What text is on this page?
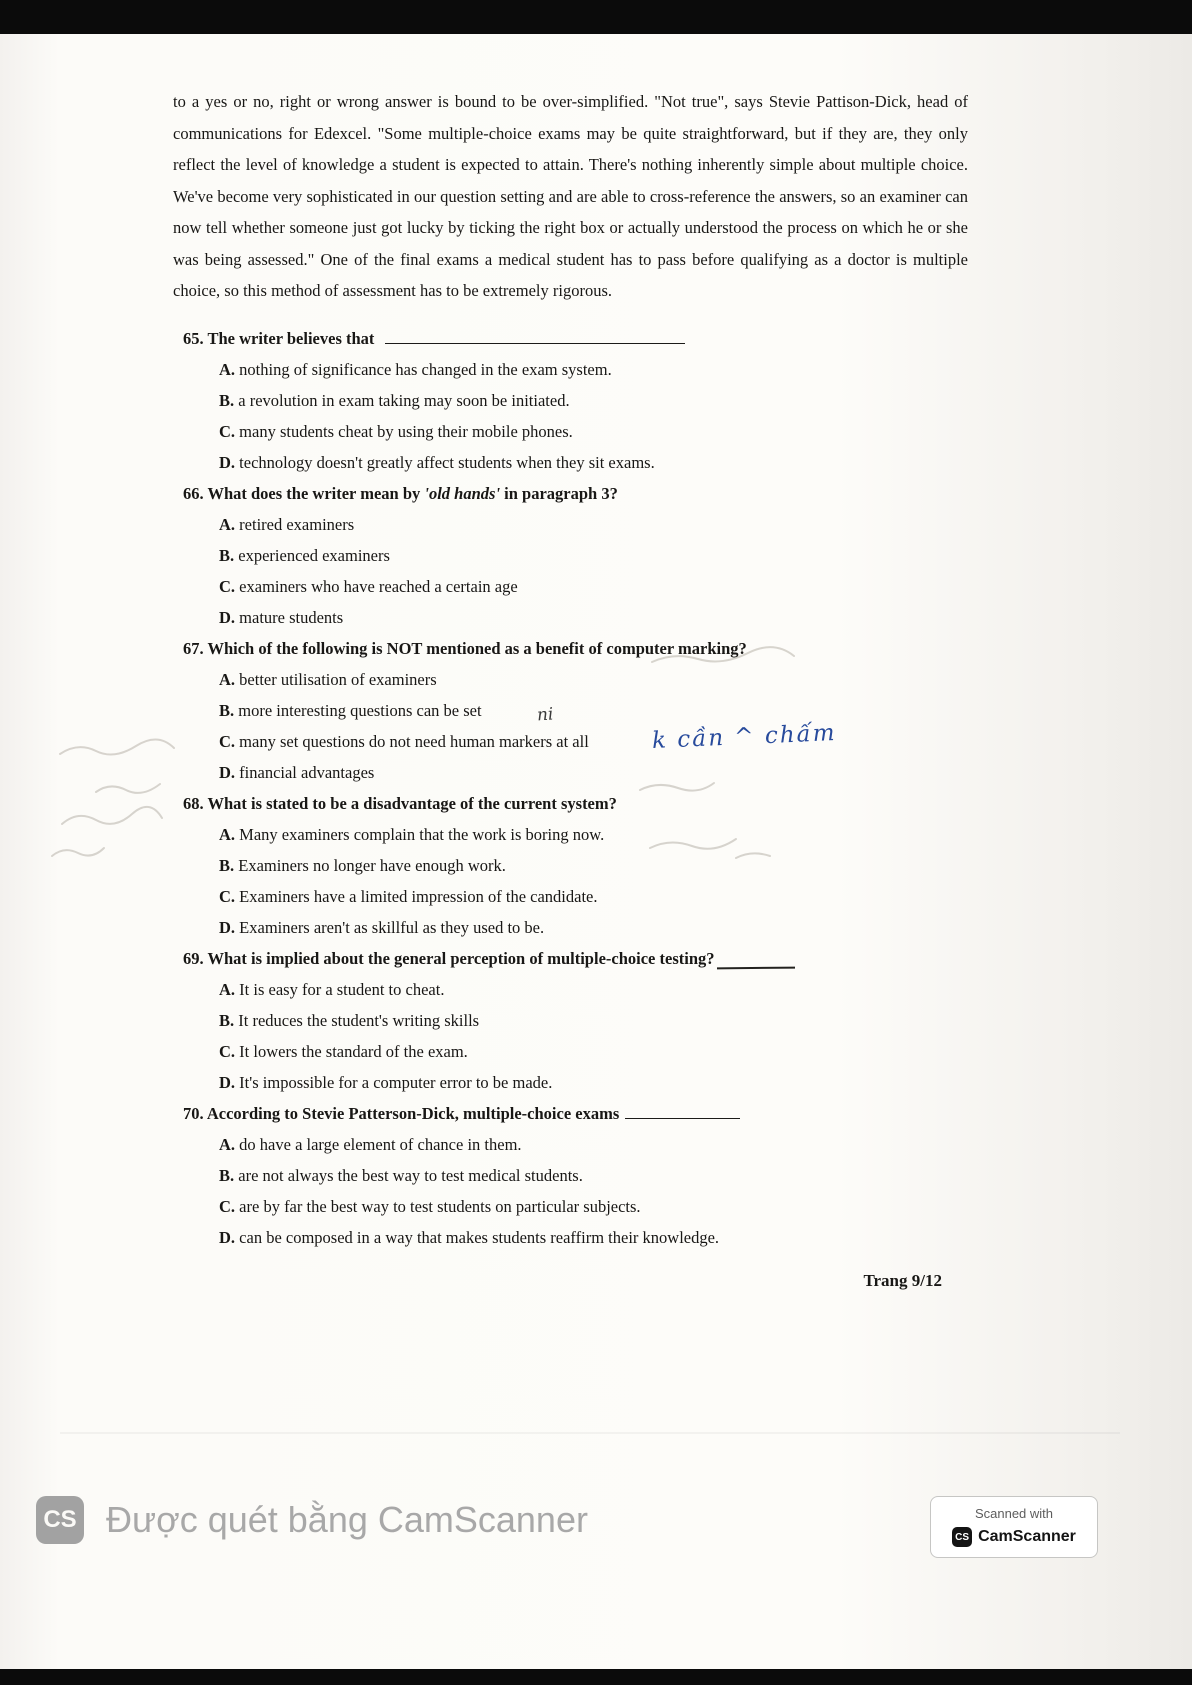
to a yes or no, right or wrong answer is bound to be over-simplified. "Not true", says Stevie Pattison-Dick, head of communications for Edexcel. "Some multiple-choice exams may be quite straightforward, but if they are, they only reflect the level of knowledge a student is expected to attain. There's nothing inherently simple about multiple choice. We've become very sophisticated in our question setting and are able to cross-reference the answers, so an examiner can now tell whether someone just got lucky by ticking the right box or actually understood the process on which he or she was being assessed." One of the final exams a medical student has to pass before qualifying as a doctor is multiple choice, so this method of assessment has to be extremely rigorous.

65. The writer believes that
A. nothing of significance has changed in the exam system.
B. a revolution in exam taking may soon be initiated.
C. many students cheat by using their mobile phones.
D. technology doesn't greatly affect students when they sit exams.
66. What does the writer mean by 'old hands' in paragraph 3?
A. retired examiners
B. experienced examiners
C. examiners who have reached a certain age
D. mature students
67. Which of the following is NOT mentioned as a benefit of computer marking?
A. better utilisation of examiners
B. more interesting questions can be set
C. many set questions do not need human markers at all
D. financial advantages
68. What is stated to be a disadvantage of the current system?
A. Many examiners complain that the work is boring now.
B. Examiners no longer have enough work.
C. Examiners have a limited impression of the candidate.
D. Examiners aren't as skillful as they used to be.
69. What is implied about the general perception of multiple-choice testing?
A. It is easy for a student to cheat.
B. It reduces the student's writing skills
C. It lowers the standard of the exam.
D. It's impossible for a computer error to be made.
70. According to Stevie Patterson-Dick, multiple-choice exams
A. do have a large element of chance in them.
B. are not always the best way to test medical students.
C. are by far the best way to test students on particular subjects.
D. can be composed in a way that makes students reaffirm their knowledge.
Trang 9/12
k cần ^ chấm
ni
CS Được quét bằng CamScanner	Scanned with
CS CamScanner
